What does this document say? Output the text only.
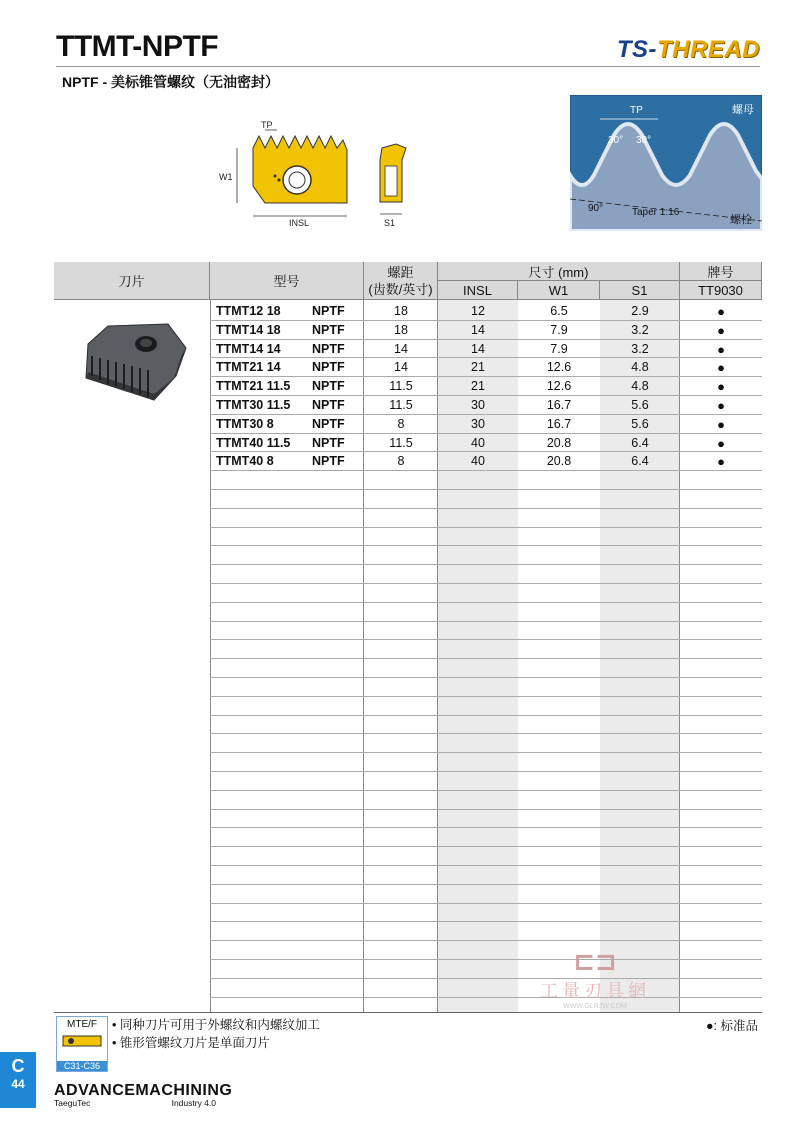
TTMT-NPTF	TS-THREAD
NPTF - 美标锥管螺纹（无油密封）
TP
W1
INSL	S1
TP
30° 30°
螺母
90°	Taper 1:16
螺栓
刀片	型号
螺距
(齿数/英寸)
尺寸 (mm)
INSL	W1	S1
牌号
TT9030
TTMT12 18	NPTF	18	12	6.5	2.9	●
TTMT14 18	NPTF	18	14	7.9	3.2	●
TTMT14 14	NPTF	14	14	7.9	3.2	●
TTMT21 14	NPTF	14	21	12.6	4.8	●
TTMT21 11.5 NPTF	11.5	21	12.6	4.8	●
TTMT30 11.5 NPTF	11.5	30	16.7	5.6	●
TTMT30 8	NPTF	8	30	16.7	5.6	●
TTMT40 11.5 NPTF	11.5	40	20.8	6.4	●
TTMT40 8	NPTF	8	40	20.8	6.4	●
MTE/F
C31-C36
• 同种刀片可用于外螺纹和内螺纹加工
• 锥形管螺纹刀片是单面刀片
●: 标准品
C
44	ADVANCEMACHINING
TaeguTec	Industry 4.0
⊏⊐
工量刃具網
WWW.GLRJW.COM
